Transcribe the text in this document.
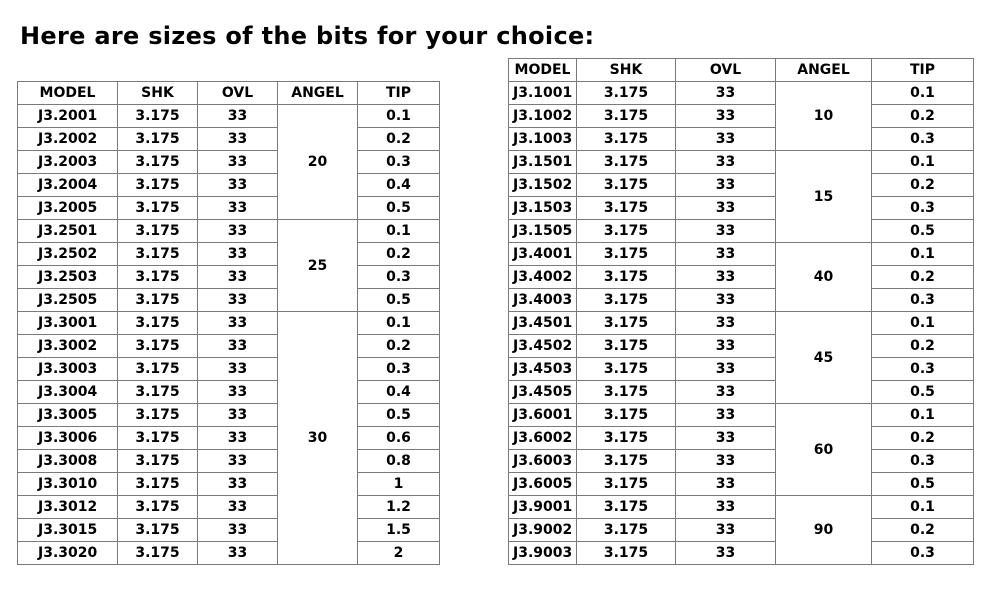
Here are sizes of the bits for your choice:
MODEL	SHK	OVL	ANGEL	TIP
J3.2001	3.175	33	20	0.1
J3.2002	3.175	33		0.2
J3.2003	3.175	33		0.3
J3.2004	3.175	33		0.4
J3.2005	3.175	33		0.5
J3.2501	3.175	33	25	0.1
J3.2502	3.175	33		0.2
J3.2503	3.175	33		0.3
J3.2505	3.175	33		0.5
J3.3001	3.175	33	30	0.1
J3.3002	3.175	33		0.2
J3.3003	3.175	33		0.3
J3.3004	3.175	33		0.4
J3.3005	3.175	33		0.5
J3.3006	3.175	33		0.6
J3.3008	3.175	33		0.8
J3.3010	3.175	33		1
J3.3012	3.175	33		1.2
J3.3015	3.175	33		1.5
J3.3020	3.175	33		2
MODEL	SHK	OVL	ANGEL	TIP
J3.1001	3.175	33	10	0.1
J3.1002	3.175	33		0.2
J3.1003	3.175	33		0.3
J3.1501	3.175	33	15	0.1
J3.1502	3.175	33		0.2
J3.1503	3.175	33		0.3
J3.1505	3.175	33		0.5
J3.4001	3.175	33	40	0.1
J3.4002	3.175	33		0.2
J3.4003	3.175	33		0.3
J3.4501	3.175	33	45	0.1
J3.4502	3.175	33		0.2
J3.4503	3.175	33		0.3
J3.4505	3.175	33		0.5
J3.6001	3.175	33	60	0.1
J3.6002	3.175	33		0.2
J3.6003	3.175	33		0.3
J3.6005	3.175	33		0.5
J3.9001	3.175	33	90	0.1
J3.9002	3.175	33		0.2
J3.9003	3.175	33		0.3
